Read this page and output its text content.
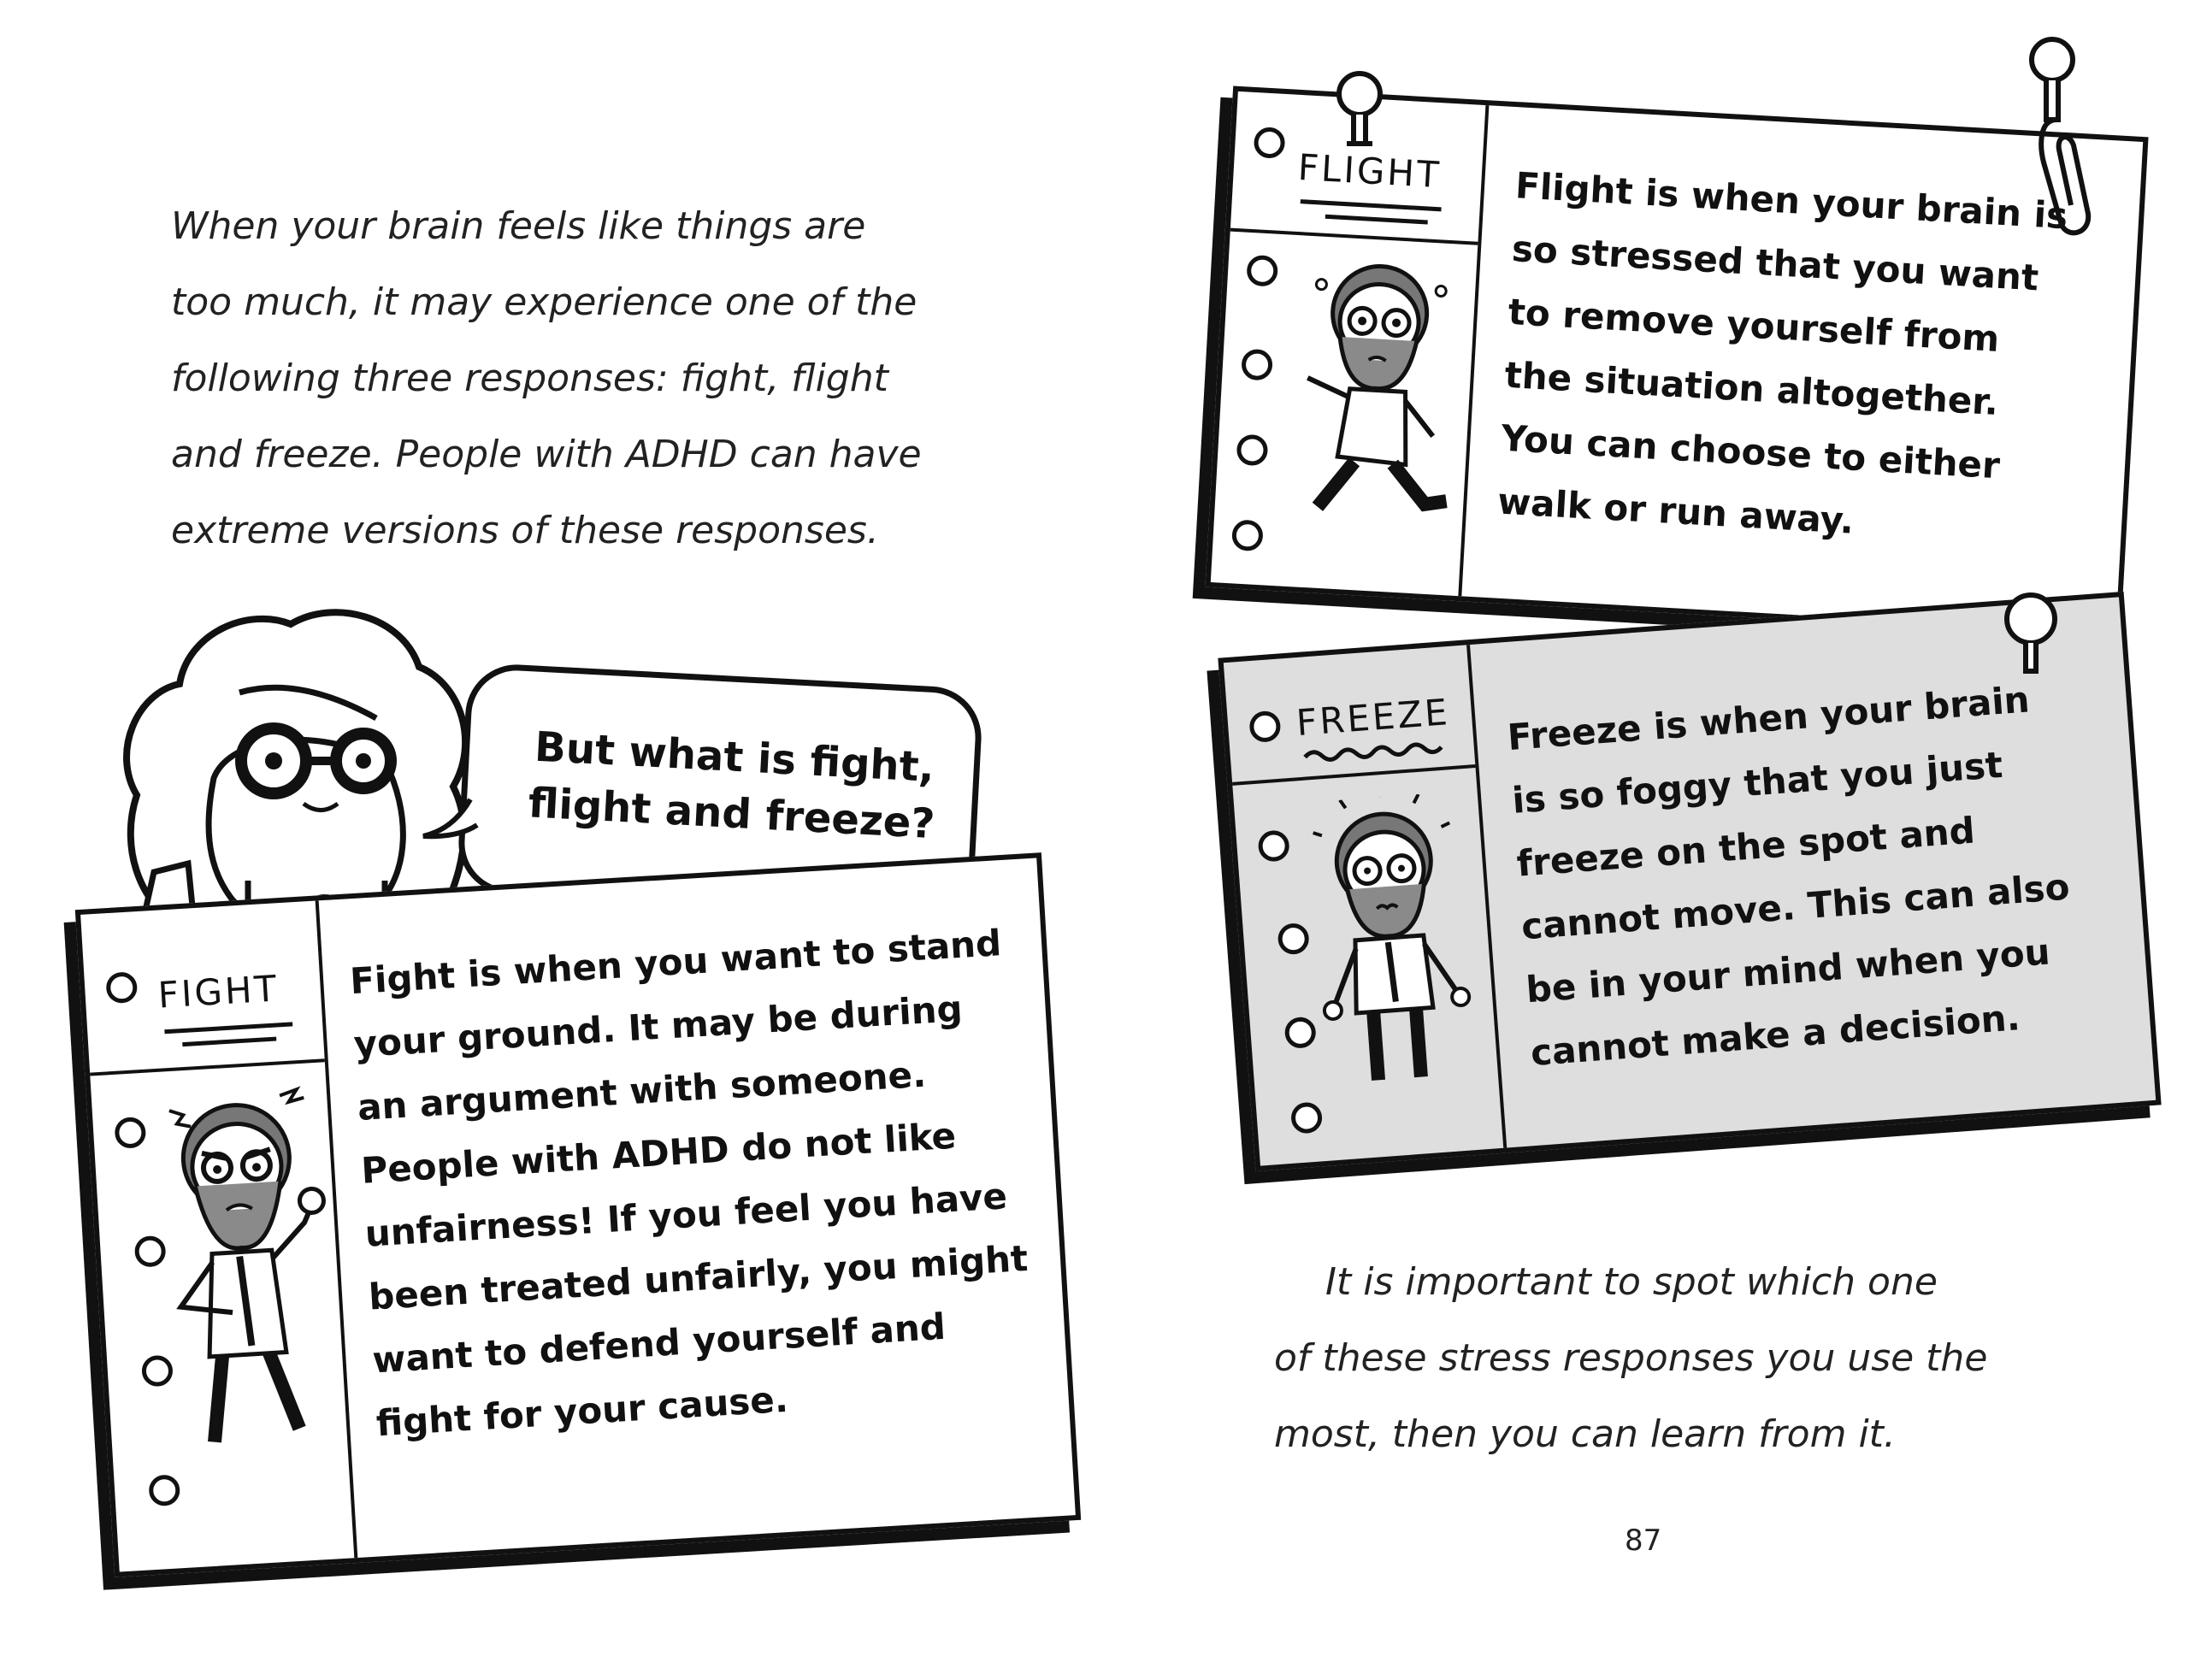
When your brain feels like things are
too much, it may experience one of the
following three responses: fight, flight
and freeze. People with ADHD can have
extreme versions of these responses.

But what is fight,
flight and freeze?
FIGHT Fight is when you want to stand
your ground. It may be during
an argument with someone.
People with ADHD do not like
unfairness! If you feel you have
been treated unfairly, you might
want to defend yourself and
fight for your cause.

FLIGHT Flight is when your brain is
so stressed that you want
to remove yourself from
the situation altogether.
You can choose to either
walk or run away.

FREEZE Freeze is when your brain
is so foggy that you just
freeze on the spot and
cannot move. This can also
be in your mind when you
cannot make a decision.

It is important to spot which one
of these stress responses you use the
most, then you can learn from it.

87
